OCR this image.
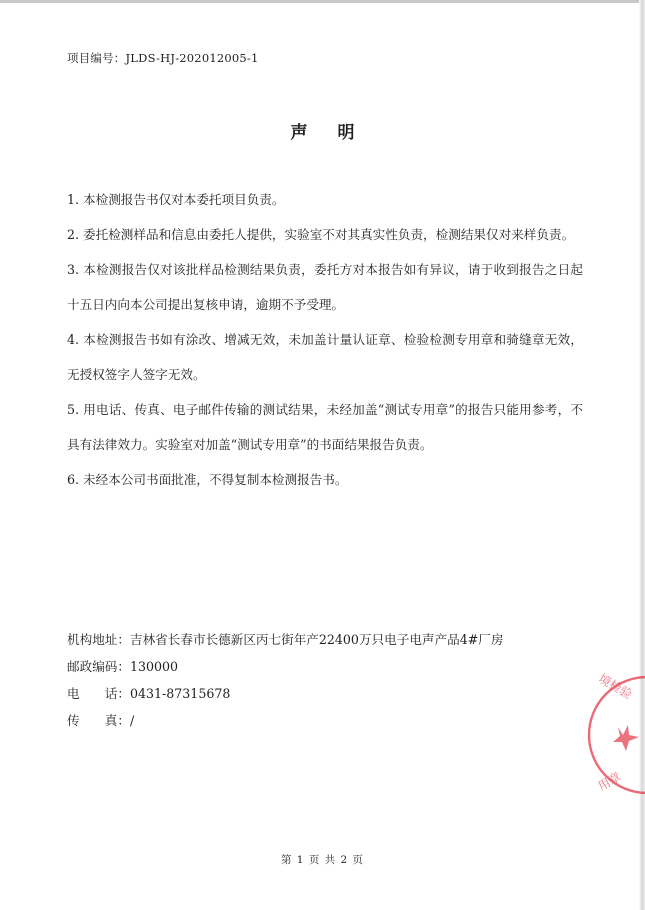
项目编号：JLDS-HJ-202012005-1
声明

1. 本检测报告书仅对本委托项目负责。

2. 委托检测样品和信息由委托人提供，实验室不对其真实性负责，检测结果仅对来样负责。

3. 本检测报告仅对该批样品检测结果负责，委托方对本报告如有异议，请于收到报告之日起十五日内向本公司提出复核申请，逾期不予受理。

4. 本检测报告书如有涂改、增减无效，未加盖计量认证章、检验检测专用章和骑缝章无效，无授权签字人签字无效。

5. 用电话、传真、电子邮件传输的测试结果，未经加盖“测试专用章”的报告只能用参考，不具有法律效力。实验室对加盖“测试专用章”的书面结果报告负责。

6. 未经本公司书面批准，不得复制本检测报告书。

机构地址：吉林省长春市长德新区丙七街年产22400万只电子电声产品4#厂房
邮政编码：130000
电　　话：0431-87315678
传　　真：/
境检验
用章
第 1 页 共 2 页
